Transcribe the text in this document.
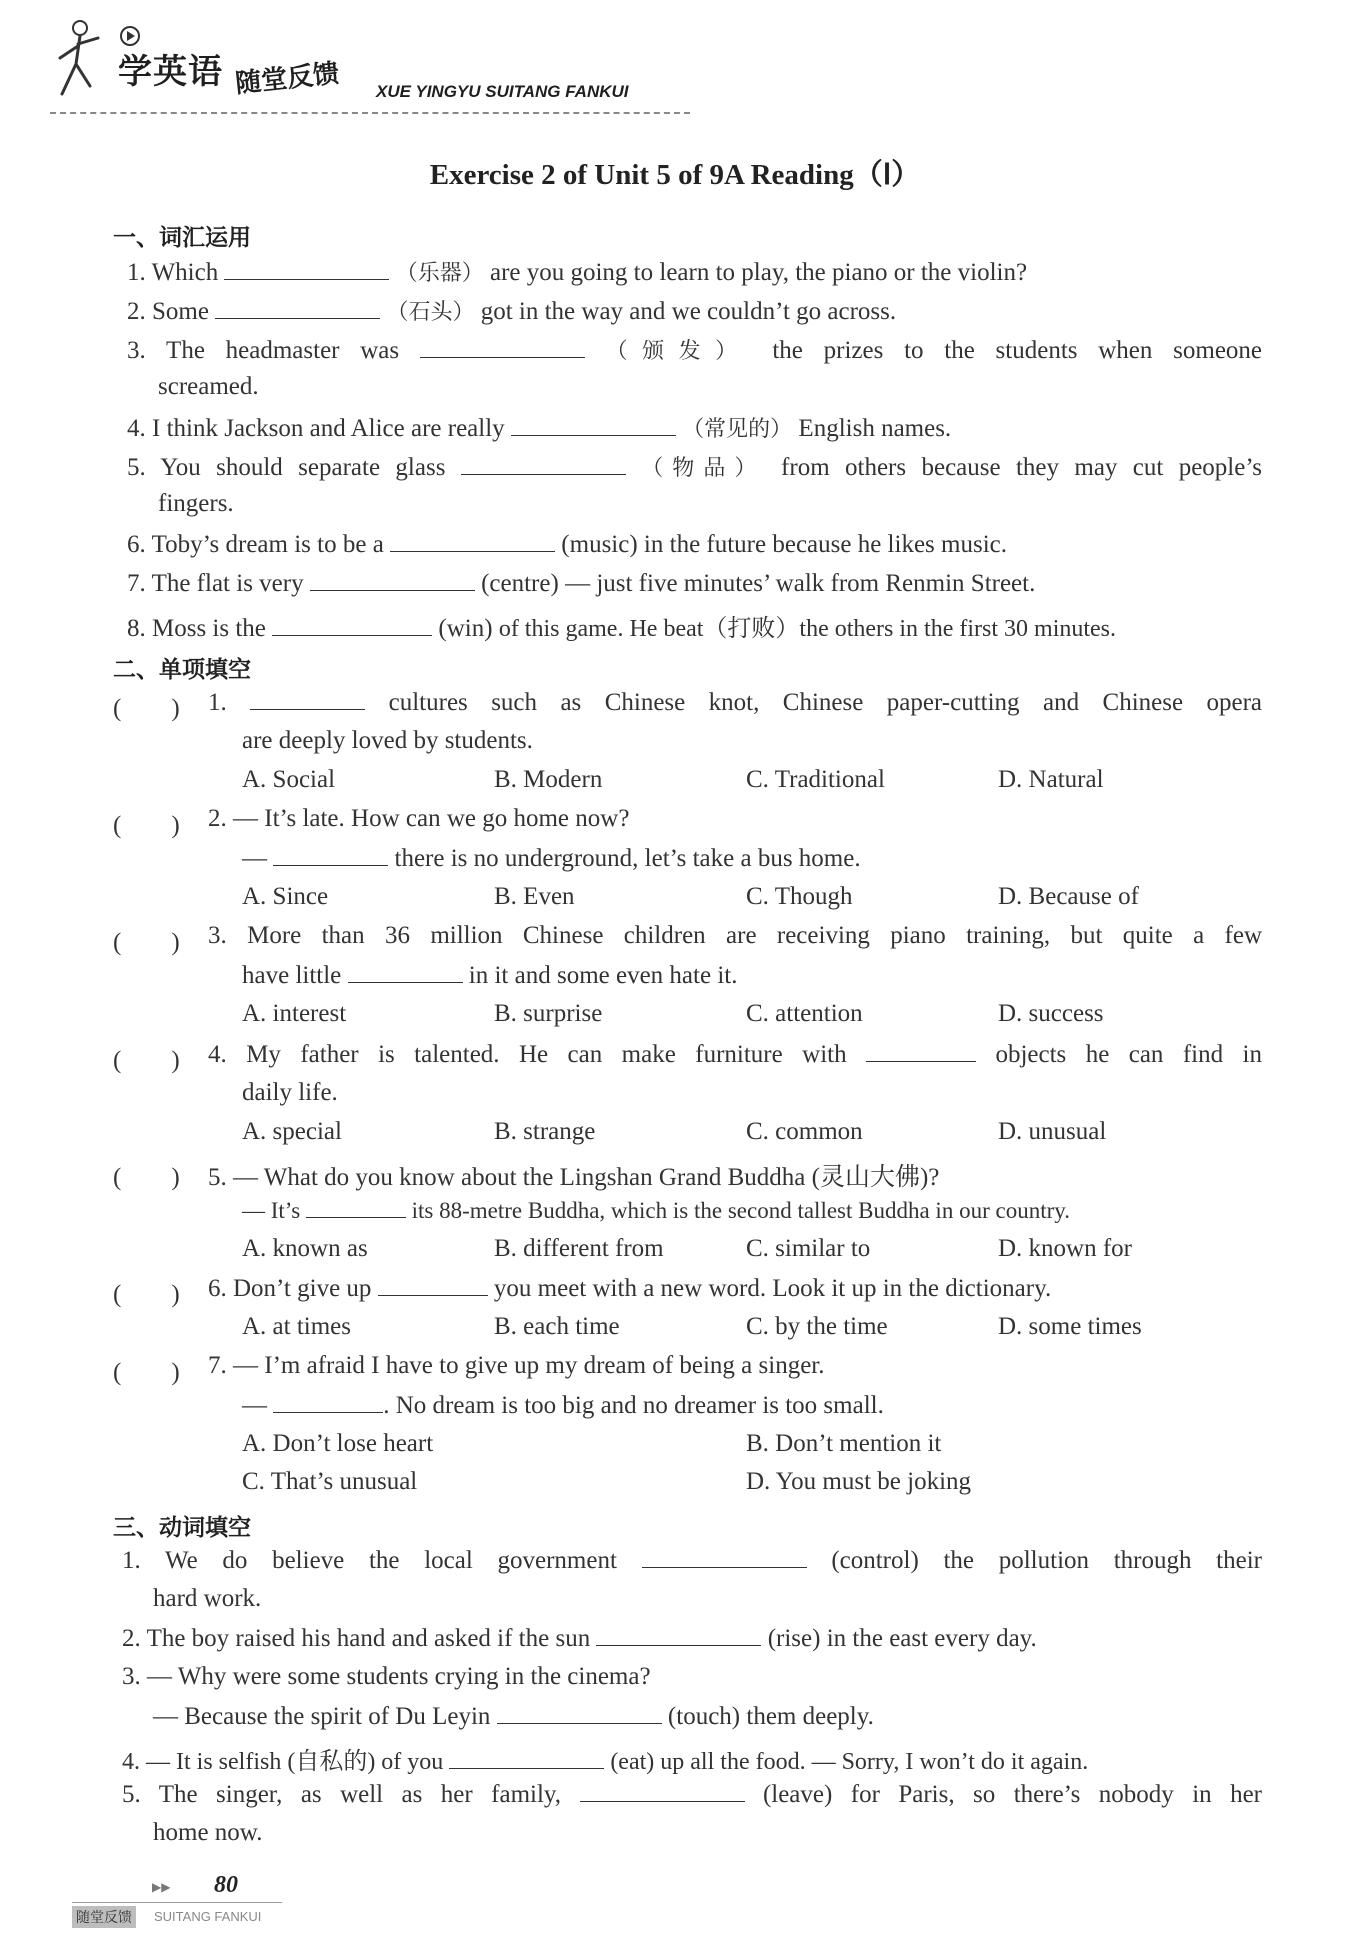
学英语 随堂反馈 XUE YINGYU SUITANG FANKUI
Exercise 2 of Unit 5 of 9A Reading（Ⅰ）
一、词汇运用
1. Which	（乐器） are you going to learn to play, the piano or the violin?
2. Some	（石头） got in the way and we couldn’t go across.
3. The headmaster was	（颁发） the prizes to the students when someone
screamed.
4. I think Jackson and Alice are really	（常见的） English names.
5. You should separate glass	（物品） from others because they may cut people’s
fingers.
6. Toby’s dream is to be a	(music) in the future because he likes music.
7. The flat is very	(centre) — just five minutes’ walk from Renmin Street.
8. Moss is the	(win) of this game. He beat（打败）the others in the first 30 minutes.
二、单项填空
(　　) 1.	cultures such as Chinese knot, Chinese paper-cutting and Chinese opera
are deeply loved by students.
A. Social	B. Modern	C. Traditional	D. Natural
(　　) 2. — It’s late. How can we go home now?
—	there is no underground, let’s take a bus home.
A. Since	B. Even	C. Though	D. Because of
(　　) 3. More than 36 million Chinese children are receiving piano training, but quite a few
have little	in it and some even hate it.
A. interest	B. surprise	C. attention	D. success
(　　) 4. My father is talented. He can make furniture with	objects he can find in
daily life.
A. special	B. strange	C. common	D. unusual
(　　) 5. — What do you know about the Lingshan Grand Buddha (灵山大佛)?
— It’s	its 88-metre Buddha, which is the second tallest Buddha in our country.
A. known as	B. different from	C. similar to	D. known for
(　　) 6. Don’t give up	you meet with a new word. Look it up in the dictionary.
A. at times	B. each time	C. by the time	D. some times
(　　) 7. — I’m afraid I have to give up my dream of being a singer.
—	. No dream is too big and no dreamer is too small.
A. Don’t lose heart	B. Don’t mention it
C. That’s unusual	D. You must be joking
三、动词填空
1. We do believe the local government	(control) the pollution through their
hard work.
2. The boy raised his hand and asked if the sun	(rise) in the east every day.
3. — Why were some students crying in the cinema?
— Because the spirit of Du Leyin	(touch) them deeply.
4. — It is selfish (自私的) of you	(eat) up all the food. — Sorry, I won’t do it again.
5. The singer, as well as her family,	(leave) for Paris, so there’s nobody in her
home now.
▶▶ 80
随堂反馈	SUITANG FANKUI
